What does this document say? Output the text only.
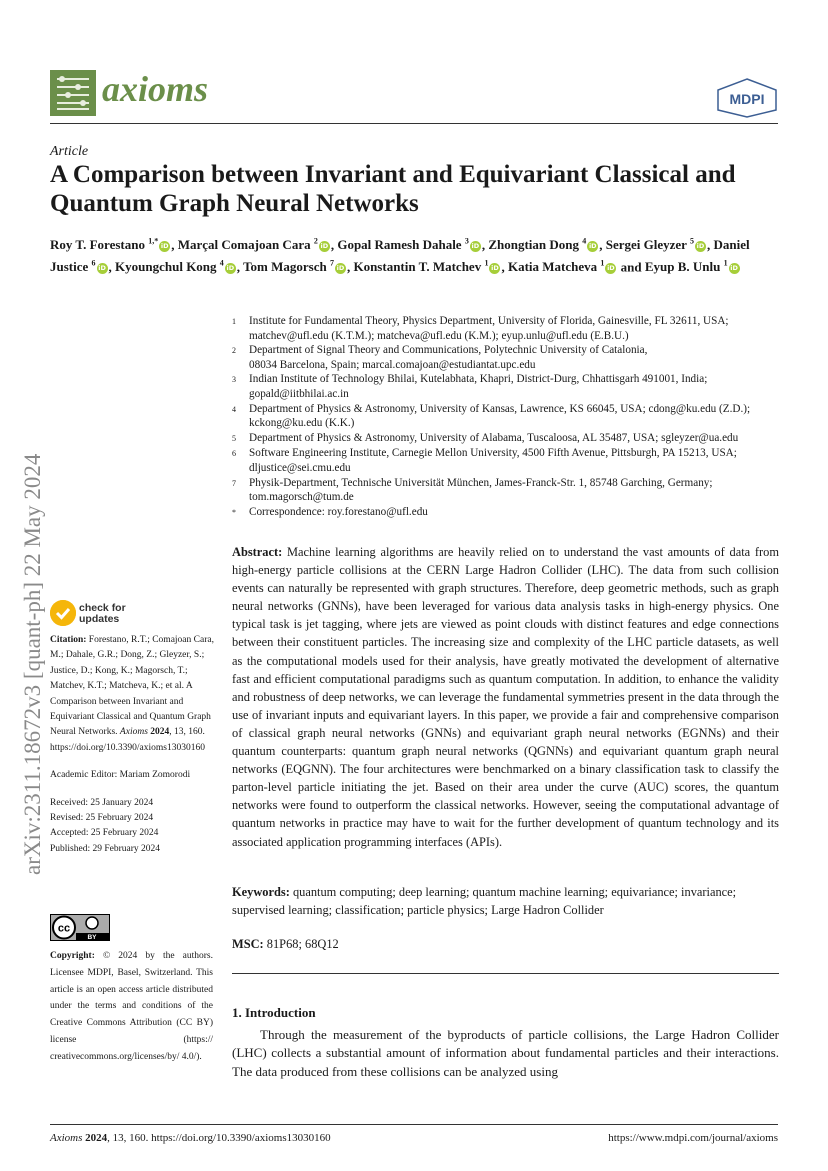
axioms	MDPI
Article
A Comparison between Invariant and Equivariant Classical and Quantum Graph Neural Networks
Roy T. Forestano $^{1,*}$iD , Marçal Comajoan Cara $^2$iD , Gopal Ramesh Dahale $^3$iD , Zhongtian Dong $^4$iD , Sergei Gleyzer $^5$iD , Daniel Justice $^6$iD , Kyoungchul Kong $^4$iD , Tom Magorsch $^7$iD , Konstantin T. Matchev $^1$iD , Katia Matcheva $^1$iD and Eyup B. Unlu $^1$iD
1	Institute for Fundamental Theory, Physics Department, University of Florida, Gainesville, FL 32611, USA;
matchev@ufl.edu (K.T.M.); matcheva@ufl.edu (K.M.); eyup.unlu@ufl.edu (E.B.U.)
2	Department of Signal Theory and Communications, Polytechnic University of Catalonia,
08034 Barcelona, Spain; marcal.comajoan@estudiantat.upc.edu
3	Indian Institute of Technology Bhilai, Kutelabhata, Khapri, District-Durg, Chhattisgarh 491001, India;
gopald@iitbhilai.ac.in
4	Department of Physics & Astronomy, University of Kansas, Lawrence, KS 66045, USA; cdong@ku.edu (Z.D.);
kckong@ku.edu (K.K.)
5	Department of Physics & Astronomy, University of Alabama, Tuscaloosa, AL 35487, USA; sgleyzer@ua.edu
6	Software Engineering Institute, Carnegie Mellon University, 4500 Fifth Avenue, Pittsburgh, PA 15213, USA;
dljustice@sei.cmu.edu
7	Physik-Department, Technische Universität München, James-Franck-Str. 1, 85748 Garching, Germany;
tom.magorsch@tum.de
*	Correspondence: roy.forestano@ufl.edu
Abstract: Machine learning algorithms are heavily relied on to understand the vast amounts of data from high-energy particle collisions at the CERN Large Hadron Collider (LHC). The data from such collision events can naturally be represented with graph structures. Therefore, deep geometric methods, such as graph neural networks (GNNs), have been leveraged for various data analysis tasks in high-energy physics. One typical task is jet tagging, where jets are viewed as point clouds with distinct features and edge connections between their constituent particles. The increasing size and complexity of the LHC particle datasets, as well as the computational models used for their analysis, have greatly motivated the development of alternative fast and efficient computational paradigms such as quantum computation. In addition, to enhance the validity and robustness of deep networks, we can leverage the fundamental symmetries present in the data through the use of invariant inputs and equivariant layers. In this paper, we provide a fair and comprehensive comparison of classical graph neural networks (GNNs) and equivariant graph neural networks (EGNNs) and their quantum counterparts: quantum graph neural networks (QGNNs) and equivariant quantum graph neural networks (EQGNN). The four architectures were benchmarked on a binary classification task to classify the parton-level particle initiating the jet. Based on their area under the curve (AUC) scores, the quantum networks were found to outperform the classical networks. However, seeing the computational advantage of quantum networks in practice may have to wait for the further development of quantum technology and its associated application programming interfaces (APIs).
Keywords: quantum computing; deep learning; quantum machine learning; equivariance; invariance; supervised learning; classification; particle physics; Large Hadron Collider
MSC: 81P68; 68Q12
1. Introduction
Through the measurement of the byproducts of particle collisions, the Large Hadron Collider (LHC) collects a substantial amount of information about fundamental particles and their interactions. The data produced from these collisions can be analyzed using
arXiv:2311.18672v3 [quant-ph] 22 May 2024	check for
updates
Citation: Forestano, R.T.; Comajoan Cara, M.; Dahale, G.R.; Dong, Z.; Gleyzer, S.; Justice, D.; Kong, K.; Magorsch, T.; Matchev, K.T.; Matcheva, K.; et al. A Comparison between Invariant and Equivariant Classical and Quantum Graph Neural Networks. Axioms 2024, 13, 160. https://doi.org/10.3390/axioms13030160
Academic Editor: Mariam Zomorodi
Received: 25 January 2024
Revised: 25 February 2024
Accepted: 25 February 2024
Published: 29 February 2024
cc
BY
Copyright: © 2024 by the authors. Licensee MDPI, Basel, Switzerland. This article is an open access article distributed under the terms and conditions of the Creative Commons Attribution (CC BY) license (https:// creativecommons.org/licenses/by/ 4.0/).
Axioms 2024, 13, 160. https://doi.org/10.3390/axioms13030160	https://www.mdpi.com/journal/axioms
